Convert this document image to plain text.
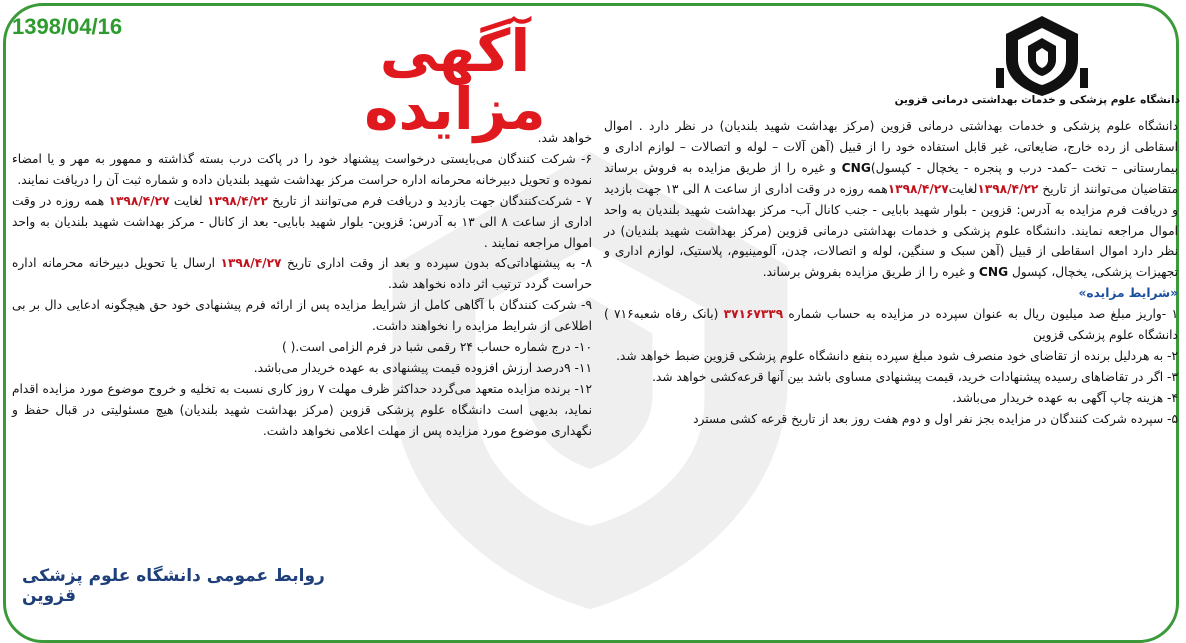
1398/04/16	آگهی مزایده	دانشگاه علوم پزشکی و خدمات بهداشتی درمانی قزوین

دانشگاه علوم پزشکی و خدمات بهداشتی درمانی قزوین (مرکز بهداشت شهید بلندیان) در نظر دارد . اموال اسقاطی از رده خارج، ضایعاتی، غیر قابل استفاده خود را از قبیل (آهن آلات – لوله و اتصالات – لوازم اداری و بیمارستانی – تخت –کمد- درب و پنجره - یخچال - کپسول)CNG و غیره را از طریق مزایده به فروش برساند متقاضیان می‌توانند از تاریخ ۱۳۹۸/۴/۲۲لغایت۱۳۹۸/۴/۲۷همه روزه در وقت اداری از ساعت ۸ الی ۱۳ جهت بازدید و دریافت فرم مزایده به آدرس: قزوین - بلوار شهید بابایی - جنب کانال آب- مرکز بهداشت شهید بلندیان به واحد اموال مراجعه نمایند. دانشگاه علوم پزشکی و خدمات بهداشتی درمانی قزوین (مرکز بهداشت شهید بلندیان) در نظر دارد اموال اسقاطی از قبیل (آهن سبک و سنگین، لوله و اتصالات، چدن، آلومینیوم، پلاستیک، لوازم اداری و تجهیزات پزشکی، یخچال، کپسول CNG و غیره را از طریق مزایده بفروش برساند.

«شرایط مزایده»

۱ -واریز مبلغ صد میلیون ریال به عنوان سپرده در مزایده به حساب شماره ۳۷۱۶۷۳۳۹ (بانک رفاه شعبه۷۱۶ ) دانشگاه علوم پزشکی قزوین

۲- به هردلیل برنده از تقاضای خود منصرف شود مبلغ سپرده بنفع دانشگاه علوم پزشکی قزوین ضبط خواهد شد.

۳- اگر در تقاضاهای رسیده پیشنهادات خرید، قیمت پیشنهادی مساوی باشد بین آنها قرعه‌کشی خواهد شد.

۴- هزینه چاپ آگهی به عهده خریدار می‌باشد.

۵- سپرده شرکت کنندگان در مزایده بجز نفر اول و دوم هفت روز بعد از تاریخ قرعه کشی مسترد

خواهد شد.

۶- شرکت کنندگان می‌بایستی درخواست پیشنهاد خود را در پاکت درب بسته گذاشته و ممهور به مهر و یا امضاء نموده و تحویل دبیرخانه محرمانه اداره حراست مرکز بهداشت شهید بلندیان داده و شماره ثبت آن را دریافت نمایند.

۷ - شرکت‌کنندگان جهت بازدید و دریافت فرم می‌توانند از تاریخ ۱۳۹۸/۴/۲۲ لغایت ۱۳۹۸/۴/۲۷ همه روزه در وقت اداری از ساعت ۸ الی ۱۳ به آدرس: قزوین- بلوار شهید بابایی- بعد از کانال - مرکز بهداشت شهید بلندیان به واحد اموال مراجعه نمایند .

۸- به پیشنهاداتی‌که بدون سپرده و بعد از وقت اداری تاریخ ۱۳۹۸/۴/۲۷ ارسال یا تحویل دبیرخانه محرمانه اداره حراست گردد ترتیب اثر داده نخواهد شد.

۹- شرکت کنندگان با آگاهی کامل از شرایط مزایده پس از ارائه فرم پیشنهادی خود حق هیچگونه ادعایی دال بر بی اطلاعی از شرایط مزایده را نخواهند داشت.

۱۰- درج شماره حساب ۲۴ رقمی شبا در فرم الزامی است.( )

۱۱- ۹درصد ارزش افزوده قیمت پیشنهادی به عهده خریدار می‌باشد.

۱۲- برنده مزایده متعهد می‌گردد حداکثر ظرف مهلت ۷ روز کاری نسبت به تخلیه و خروج موضوع مورد مزایده اقدام نماید، بدیهی است دانشگاه علوم پزشکی قزوین (مرکز بهداشت شهید بلندیان) هیچ مسئولیتی در قبال حفظ و نگهداری موضوع مورد مزایده پس از مهلت اعلامی نخواهد داشت.

روابط عمومی دانشگاه علوم پزشکی قزوین
